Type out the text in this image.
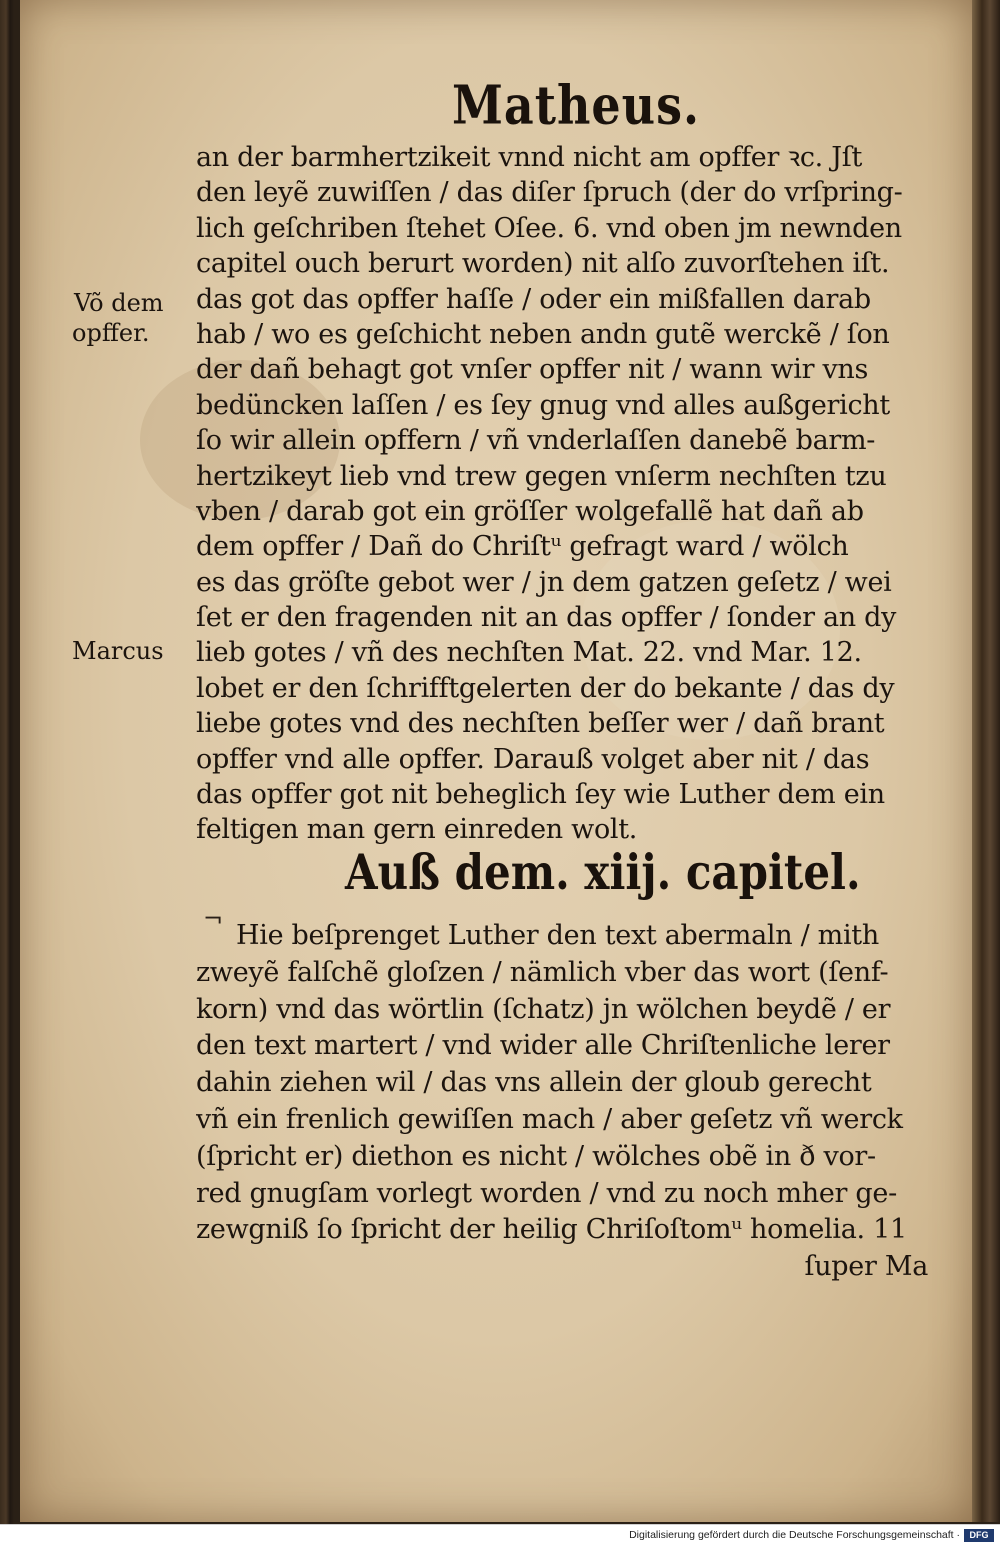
Matheus.
Võ dem
opffer.
Marcus
an der barmhertzikeit vnnd nicht am opffer ꝛc. Jſt
den leyẽ zuwiſſen / das diſer ſpruch (der do vrſpring-
lich geſchriben ſtehet Oſee. 6. vnd oben jm newnden
capitel ouch berurt worden) nit alſo zuvorſtehen iſt.
das got das opffer haſſe / oder ein mißfallen darab
hab / wo es geſchicht neben andn gutẽ werckẽ / ſon
der dañ behagt got vnſer opffer nit / wann wir vns
bedüncken laſſen / es ſey gnug vnd alles außgericht
ſo wir allein opffern / vñ vnderlaſſen danebẽ barm-
hertzikeyt lieb vnd trew gegen vnſerm nechſten tzu
vben / darab got ein gröſſer wolgefallẽ hat dañ ab
dem opffer / Dañ do Chriſtᵘ gefragt ward / wölch
es das gröſte gebot wer / jn dem gatzen geſetz / wei
ſet er den fragenden nit an das opffer / ſonder an dy
lieb gotes / vñ des nechſten Mat. 22. vnd Mar. 12.
lobet er den ſchrifftgelerten der do bekante / das dy
liebe gotes vnd des nechſten beſſer wer / dañ brant
opffer vnd alle opffer. Darauß volget aber nit / das
das opffer got nit beheglich ſey wie Luther dem ein
feltigen man gern einreden wolt.
Auß dem. xiij. capitel.
¬
Hie beſprenget Luther den text abermaln / mith
zweyẽ falſchẽ gloſzen / nämlich vber das wort (ſenf-
korn) vnd das wörtlin (ſchatz) jn wölchen beydẽ / er
den text martert / vnd wider alle Chriſtenliche lerer
dahin ziehen wil / das vns allein der gloub gerecht
vñ ein frenlich gewiſſen mach / aber geſetz vñ werck
(ſpricht er) diethon es nicht / wölches obẽ in ð vor-
red gnugſam vorlegt worden / vnd zu noch mher ge-
zewgniß ſo ſpricht der heilig Chriſoſtomᵘ homelia. 11
ſuper Ma
Digitalisierung gefördert durch die Deutsche Forschungsgemeinschaft ·	DFG
